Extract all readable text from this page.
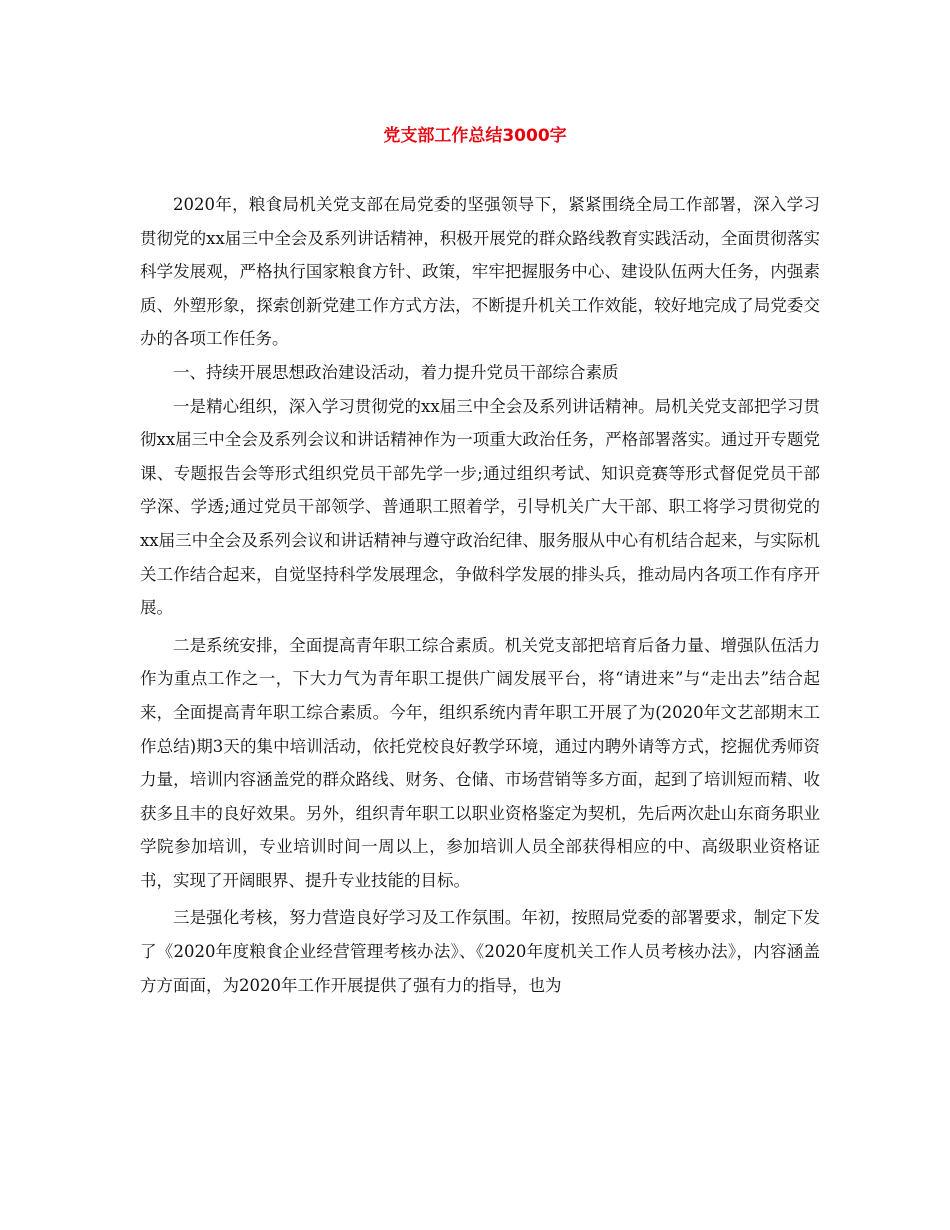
党支部工作总结3000字

2020年，粮食局机关党支部在局党委的坚强领导下，紧紧围绕全局工作部署，深入学习贯彻党的xx届三中全会及系列讲话精神，积极开展党的群众路线教育实践活动，全面贯彻落实科学发展观，严格执行国家粮食方针、政策，牢牢把握服务中心、建设队伍两大任务，内强素质、外塑形象，探索创新党建工作方式方法，不断提升机关工作效能，较好地完成了局党委交办的各项工作任务。

一、持续开展思想政治建设活动，着力提升党员干部综合素质

一是精心组织，深入学习贯彻党的xx届三中全会及系列讲话精神。局机关党支部把学习贯彻xx届三中全会及系列会议和讲话精神作为一项重大政治任务，严格部署落实。通过开专题党课、专题报告会等形式组织党员干部先学一步;通过组织考试、知识竞赛等形式督促党员干部学深、学透;通过党员干部领学、普通职工照着学，引导机关广大干部、职工将学习贯彻党的xx届三中全会及系列会议和讲话精神与遵守政治纪律、服务服从中心有机结合起来，与实际机关工作结合起来，自觉坚持科学发展理念，争做科学发展的排头兵，推动局内各项工作有序开展。

二是系统安排，全面提高青年职工综合素质。机关党支部把培育后备力量、增强队伍活力作为重点工作之一，下大力气为青年职工提供广阔发展平台，将“请进来”与“走出去”结合起来，全面提高青年职工综合素质。今年，组织系统内青年职工开展了为(2020年文艺部期末工作总结)期3天的集中培训活动，依托党校良好教学环境，通过内聘外请等方式，挖掘优秀师资力量，培训内容涵盖党的群众路线、财务、仓储、市场营销等多方面，起到了培训短而精、收获多且丰的良好效果。另外，组织青年职工以职业资格鉴定为契机，先后两次赴山东商务职业学院参加培训，专业培训时间一周以上，参加培训人员全部获得相应的中、高级职业资格证书，实现了开阔眼界、提升专业技能的目标。

三是强化考核，努力营造良好学习及工作氛围。年初，按照局党委的部署要求，制定下发了《2020年度粮食企业经营管理考核办法》、《2020年度机关工作人员考核办法》，内容涵盖方方面面，为2020年工作开展提供了强有力的指导，也为
